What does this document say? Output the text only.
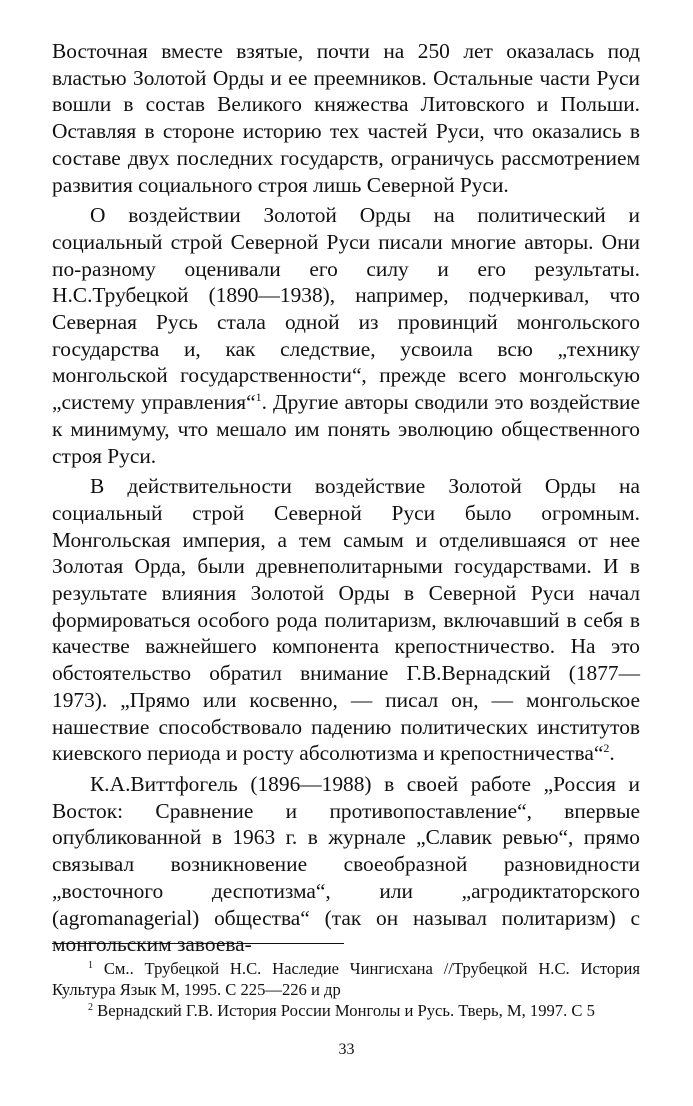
Восточная вместе взятые, почти на 250 лет оказалась под властью Золотой Орды и ее преемников. Остальные части Руси вошли в состав Великого княжества Литовского и Польши. Оставляя в стороне историю тех частей Руси, что оказались в составе двух последних государств, ограничусь рассмотрением развития социального строя лишь Северной Руси.

О воздействии Золотой Орды на политический и социальный строй Северной Руси писали многие авторы. Они по-разному оценивали его силу и его результаты. Н.С.Трубецкой (1890—1938), например, подчеркивал, что Северная Русь стала одной из провинций монгольского государства и, как следствие, усвоила всю „технику монгольской государственности“, прежде всего монгольскую „систему управления“$^1$. Другие авторы сводили это воздействие к минимуму, что мешало им понять эволюцию общественного строя Руси.

В действительности воздействие Золотой Орды на социальный строй Северной Руси было огромным. Монгольская империя, а тем самым и отделившаяся от нее Золотая Орда, были древнеполитарными государствами. И в результате влияния Золотой Орды в Северной Руси начал формироваться особого рода политаризм, включавший в себя в качестве важнейшего компонента крепостничество. На это обстоятельство обратил внимание Г.В.Вернадский (1877—1973). „Прямо или косвенно, — писал он, — монгольское нашествие способствовало падению политических институтов киевского периода и росту абсолютизма и крепостничества“$^2$.

К.А.Виттфогель (1896—1988) в своей работе „Россия и Восток: Сравнение и противопоставление“, впервые опубликованной в 1963 г. в журнале „Славик ревью“, прямо связывал возникновение своеобразной разновидности „восточного деспотизма“, или „агродиктаторского (agromanagerial) общества“ (так он называл политаризм) с монгольским завоева-

$^1$ См.. Трубецкой Н.С. Наследие Чингисхана //Трубецкой Н.С. История Культура Язык М, 1995. С 225—226 и др

$^2$ Вернадский Г.В. История России Монголы и Русь. Тверь, М, 1997. С 5

33
